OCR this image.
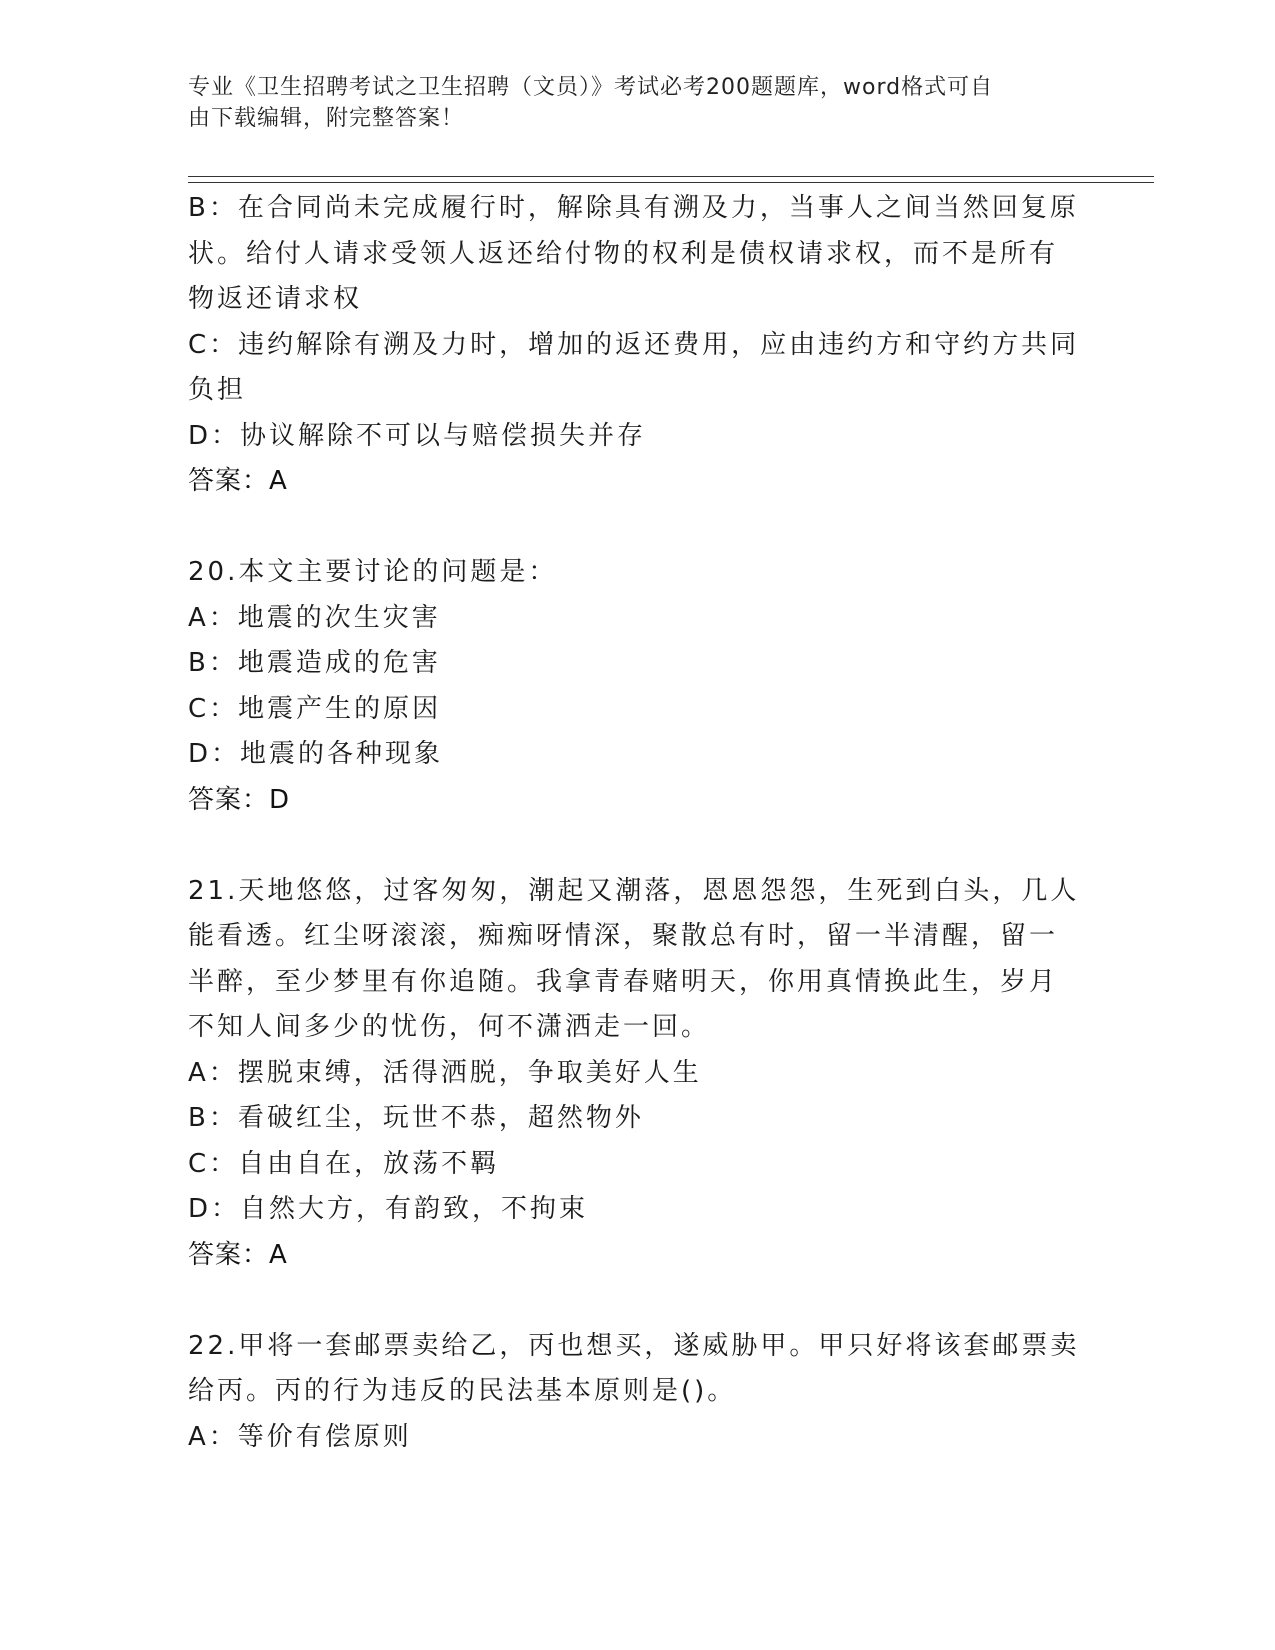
专业《卫生招聘考试之卫生招聘（文员）》考试必考200题题库，word格式可自
由下载编辑，附完整答案！
B：在合同尚未完成履行时，解除具有溯及力，当事人之间当然回复原
状。给付人请求受领人返还给付物的权利是债权请求权，而不是所有
物返还请求权
C：违约解除有溯及力时，增加的返还费用，应由违约方和守约方共同
负担
D：协议解除不可以与赔偿损失并存
答案：A
20.本文主要讨论的问题是：
A：地震的次生灾害
B：地震造成的危害
C：地震产生的原因
D：地震的各种现象
答案：D
21.天地悠悠，过客匆匆，潮起又潮落，恩恩怨怨，生死到白头，几人
能看透。红尘呀滚滚，痴痴呀情深，聚散总有时，留一半清醒，留一
半醉，至少梦里有你追随。我拿青春赌明天，你用真情换此生，岁月
不知人间多少的忧伤，何不潇洒走一回。
A：摆脱束缚，活得洒脱，争取美好人生
B：看破红尘，玩世不恭，超然物外
C：自由自在，放荡不羁
D：自然大方，有韵致，不拘束
答案：A
22.甲将一套邮票卖给乙，丙也想买，遂威胁甲。甲只好将该套邮票卖
给丙。丙的行为违反的民法基本原则是()。
A：等价有偿原则
